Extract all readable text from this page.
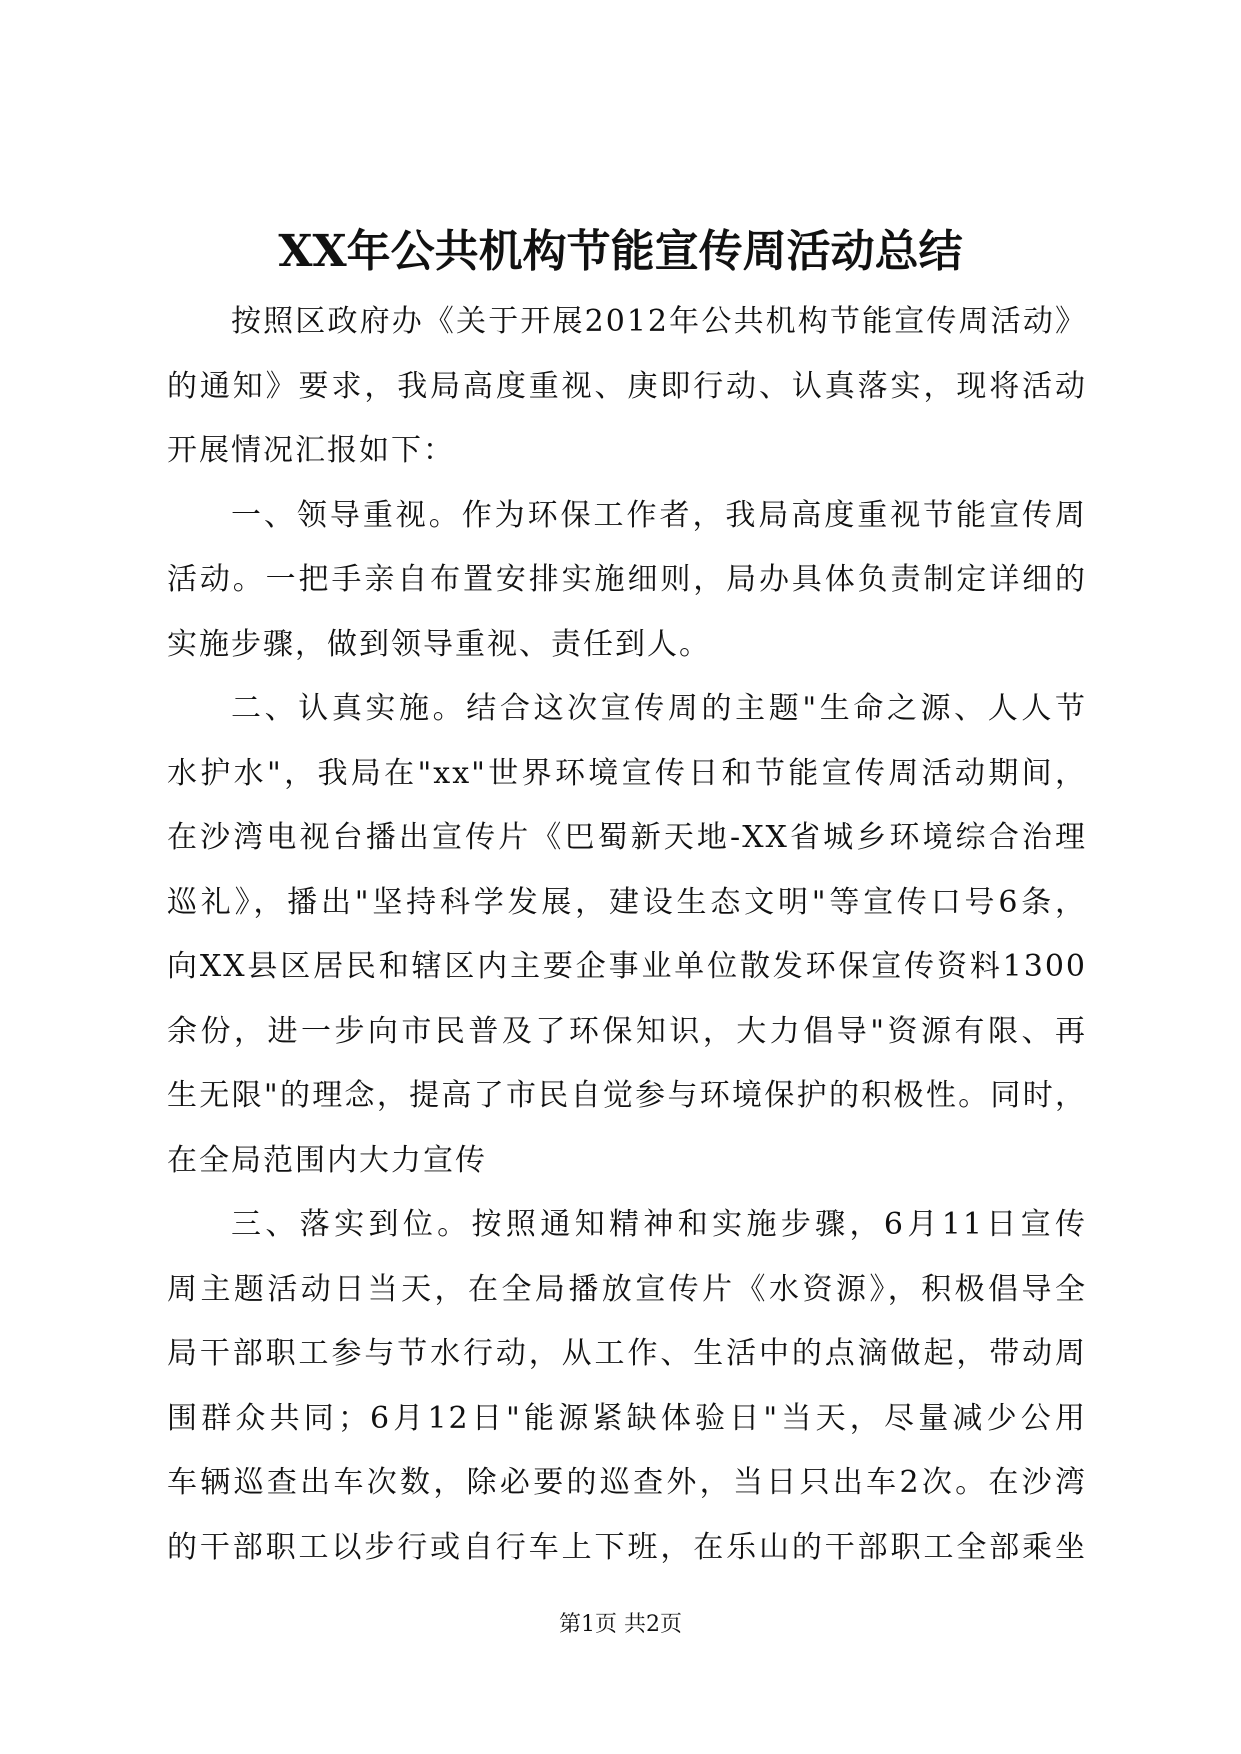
XX年公共机构节能宣传周活动总结
按照区政府办《关于开展2012年公共机构节能宣传周活动》
的通知》要求，我局高度重视、庚即行动、认真落实，现将活动
开展情况汇报如下：
一、领导重视。作为环保工作者，我局高度重视节能宣传周
活动。一把手亲自布置安排实施细则，局办具体负责制定详细的
实施步骤，做到领导重视、责任到人。
二、认真实施。结合这次宣传周的主题"生命之源、人人节
水护水"，我局在"xx"世界环境宣传日和节能宣传周活动期间，
在沙湾电视台播出宣传片《巴蜀新天地-XX省城乡环境综合治理
巡礼》，播出"坚持科学发展，建设生态文明"等宣传口号6条，
向XX县区居民和辖区内主要企事业单位散发环保宣传资料1300
余份，进一步向市民普及了环保知识，大力倡导"资源有限、再
生无限"的理念，提高了市民自觉参与环境保护的积极性。同时，
在全局范围内大力宣传
三、落实到位。按照通知精神和实施步骤，6月11日宣传
周主题活动日当天，在全局播放宣传片《水资源》，积极倡导全
局干部职工参与节水行动，从工作、生活中的点滴做起，带动周
围群众共同；6月12日"能源紧缺体验日"当天，尽量减少公用
车辆巡查出车次数，除必要的巡查外，当日只出车2次。在沙湾
的干部职工以步行或自行车上下班，在乐山的干部职工全部乘坐
第1页 共2页
